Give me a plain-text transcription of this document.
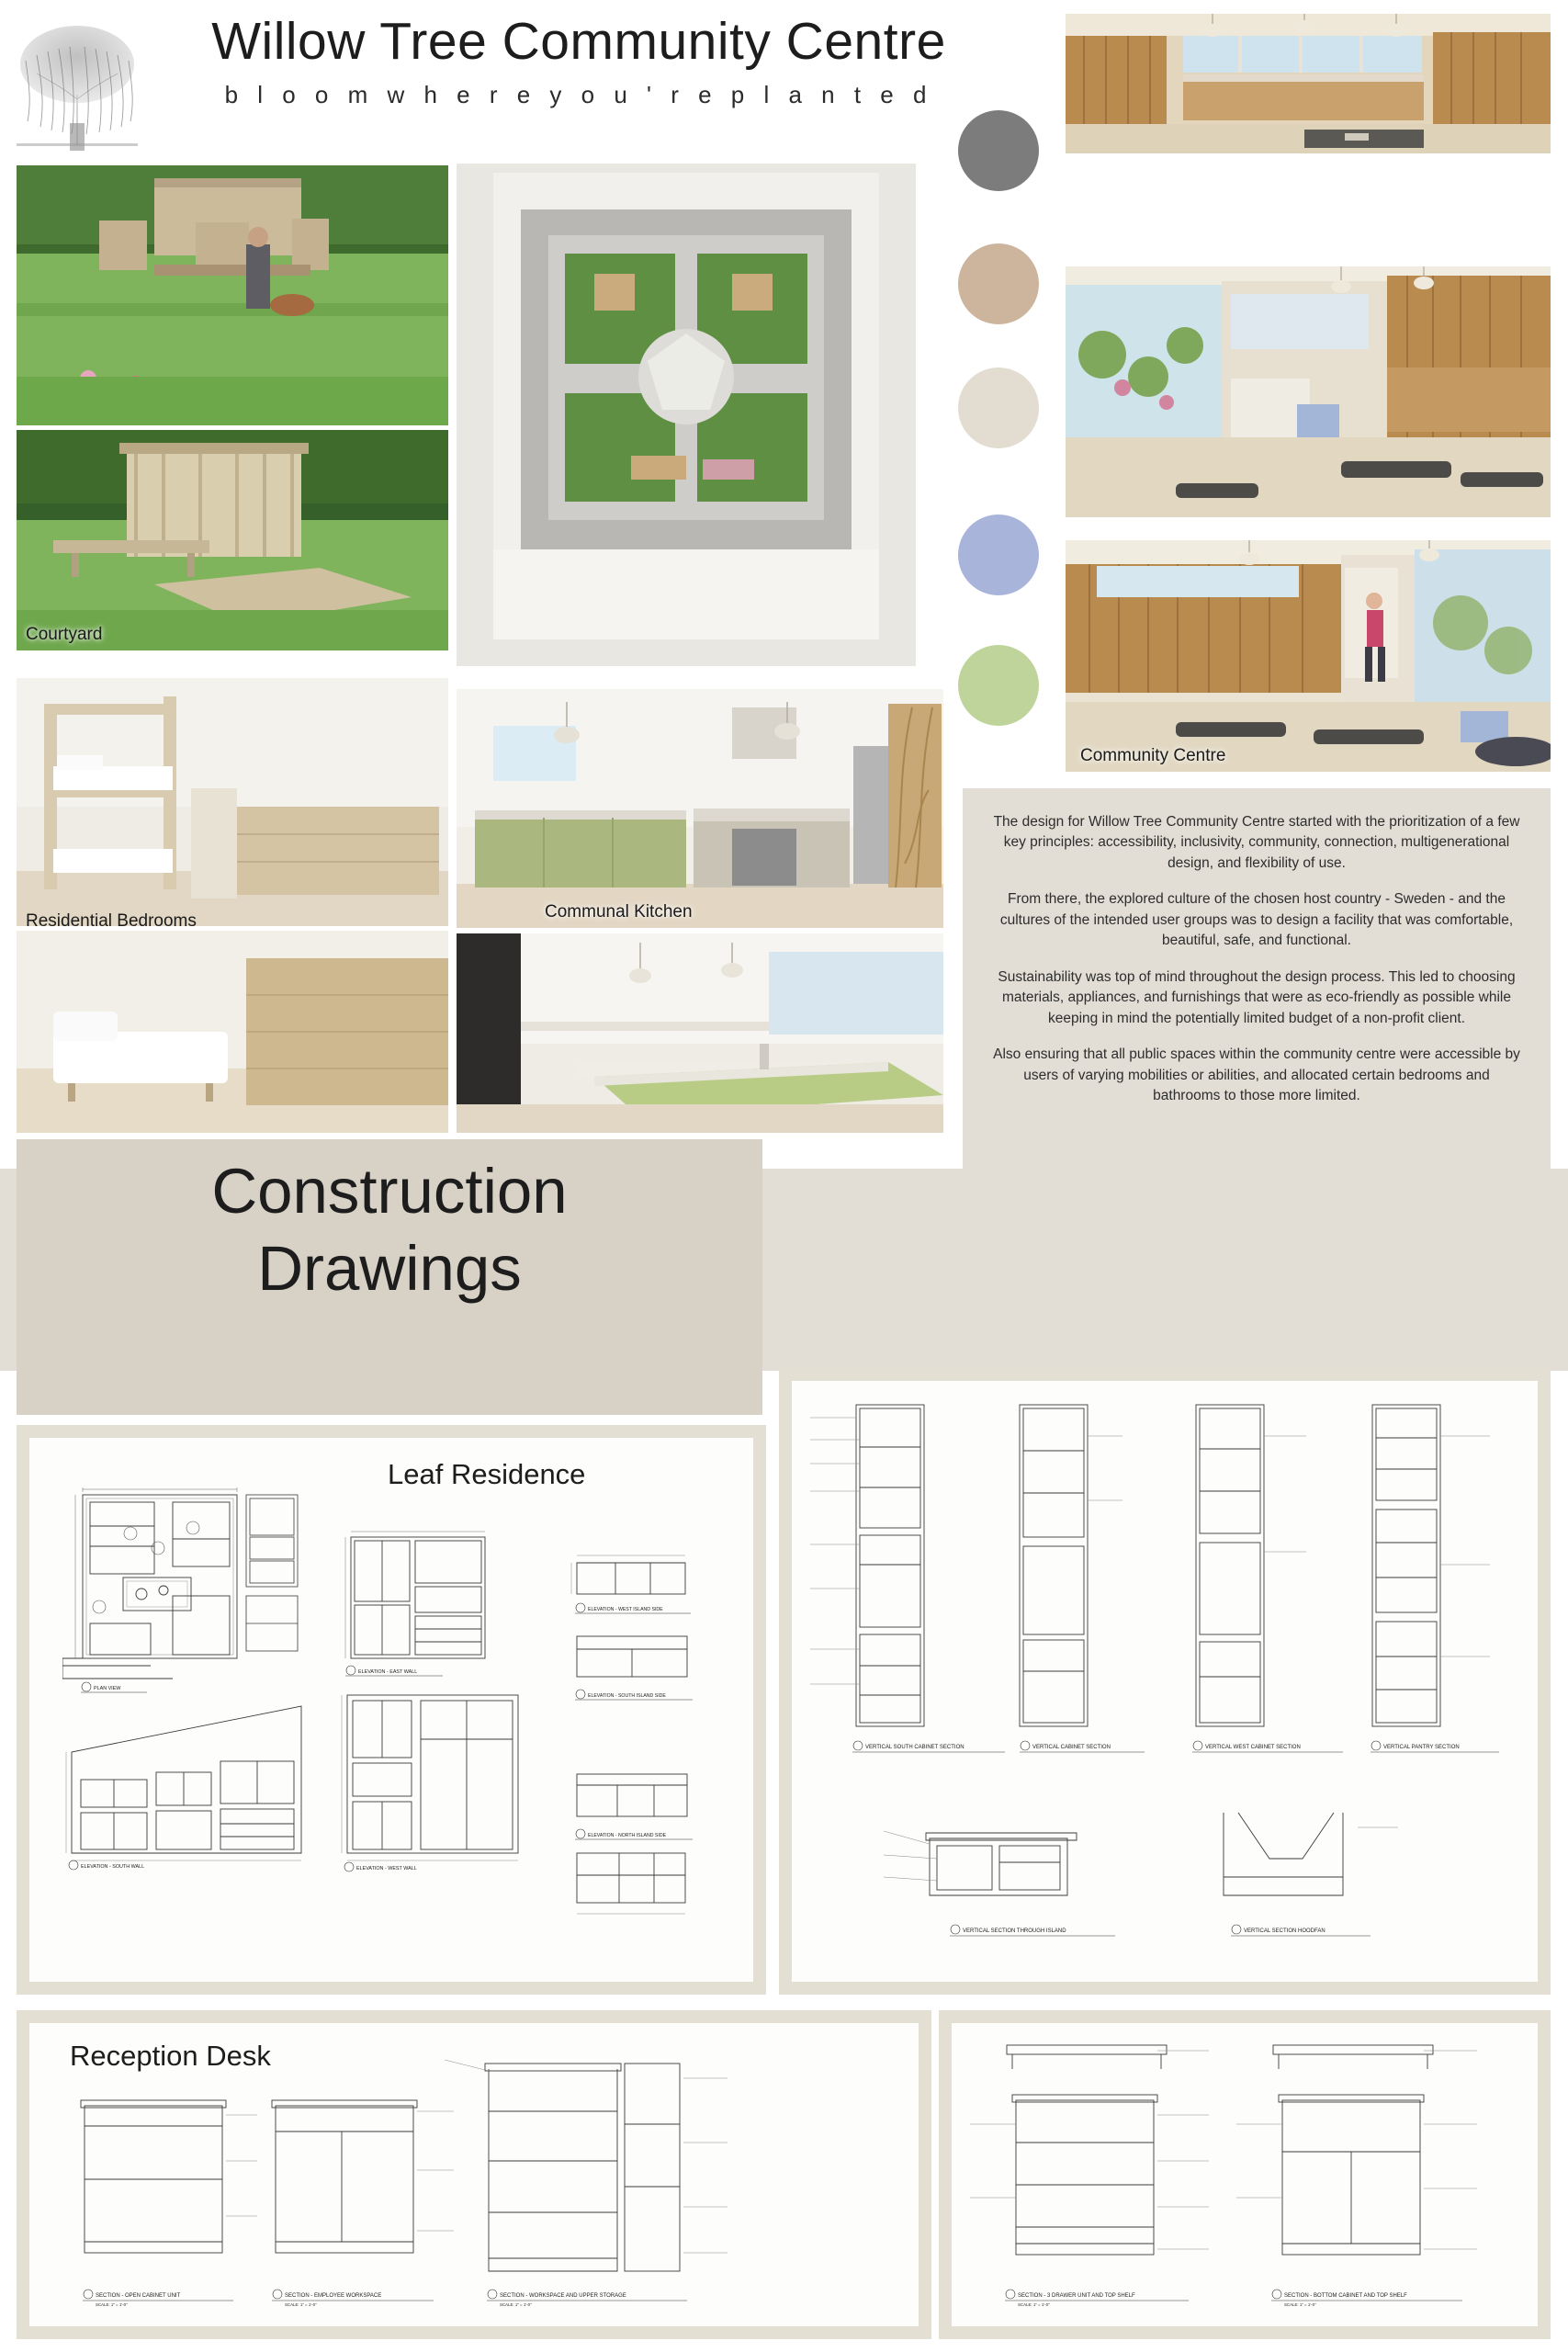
Willow Tree Community Centre
b l o o m w h e r e y o u ' r e p l a n t e d
Courtyard
Residential Bedrooms	Communal Kitchen
Community Centre

The design for Willow Tree Community Centre started with the prioritization of a few key principles: accessibility, inclusivity, community, connection, multigenerational design, and flexibility of use.

From there, the explored culture of the chosen host country - Sweden - and the cultures of the intended user groups was to design a facility that was comfortable, beautiful, safe, and functional.

Sustainability was top of mind throughout the design process. This led to choosing materials, appliances, and furnishings that were as eco-friendly as possible while keeping in mind the potentially limited budget of a non-profit client.

Also ensuring that all public spaces within the community centre were accessible by users of varying mobilities or abilities, and allocated certain bedrooms and bathrooms to those more limited.

Construction
Drawings
Leaf Residence
PLAN VIEW
ELEVATION - EAST WALL
ELEVATION - WEST ISLAND SIDE
ELEVATION - SOUTH ISLAND SIDE
ELEVATION - NORTH ISLAND SIDE
ELEVATION - SOUTH WALL	ELEVATION - WEST WALL
VERTICAL SOUTH CABINET SECTION	VERTICAL CABINET SECTION	VERTICAL WEST CABINET SECTION	VERTICAL PANTRY SECTION
VERTICAL SECTION THROUGH ISLAND	VERTICAL SECTION HOODFAN
Reception Desk
SECTION - OPEN CABINET UNIT	SECTION - EMPLOYEE WORKSPACE	SECTION - WORKSPACE AND UPPER STORAGE
SCALE: 1" = 1'-0"	SCALE: 1" = 1'-0"	SCALE: 1" = 1'-0"
SECTION - 3 DRAWER UNIT AND TOP SHELF	SECTION - BOTTOM CABINET AND TOP SHELF
SCALE: 1" = 1'-0"	SCALE: 1" = 1'-0"
